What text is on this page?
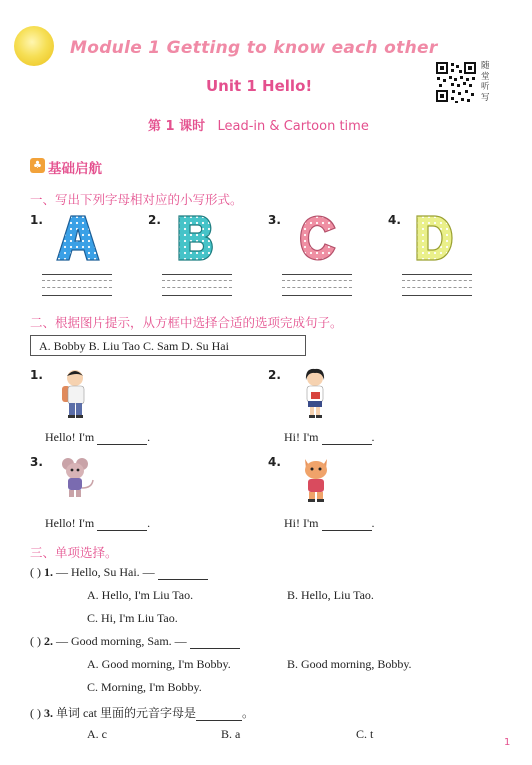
Module 1 Getting to know each other
Unit 1 Hello!
第 1 课时 Lead-in & Cartoon time
随堂听写
♣ 基础启航
一、写出下列字母相对应的小写形式。
1.	2.	3.	4.
二、根据图片提示，从方框中选择合适的选项完成句子。
A. Bobby B. Liu Tao C. Sam D. Su Hai
1.
Hello! I'm	.
2.
Hi! I'm	.
3.
Hello! I'm	.
4.
Hi! I'm	.
三、单项选择。
( ) 1. — Hello, Su Hai. —
A. Hello, I'm Liu Tao.	B. Hello, Liu Tao.
C. Hi, I'm Liu Tao.
( ) 2. — Good morning, Sam. —
A. Good morning, I'm Bobby.	B. Good morning, Bobby.
C. Morning, I'm Bobby.
( ) 3. 单词 cat 里面的元音字母是	。
A. c	B. a	C. t
1
